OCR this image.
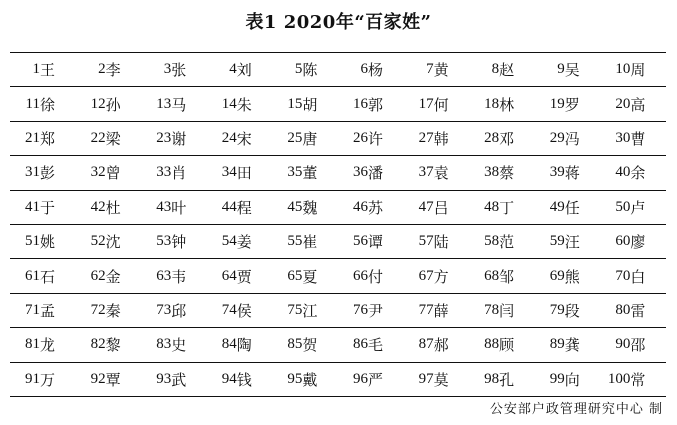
表1 2020年“百家姓”
1	王	2	李	3	张	4	刘	5	陈	6	杨	7	黄	8	赵	9	吴	10	周
11	徐	12	孙	13	马	14	朱	15	胡	16	郭	17	何	18	林	19	罗	20	高
21	郑	22	梁	23	谢	24	宋	25	唐	26	许	27	韩	28	邓	29	冯	30	曹
31	彭	32	曾	33	肖	34	田	35	董	36	潘	37	袁	38	蔡	39	蒋	40	余
41	于	42	杜	43	叶	44	程	45	魏	46	苏	47	吕	48	丁	49	任	50	卢
51	姚	52	沈	53	钟	54	姜	55	崔	56	谭	57	陆	58	范	59	汪	60	廖
61	石	62	金	63	韦	64	贾	65	夏	66	付	67	方	68	邹	69	熊	70	白
71	孟	72	秦	73	邱	74	侯	75	江	76	尹	77	薛	78	闫	79	段	80	雷
81	龙	82	黎	83	史	84	陶	85	贺	86	毛	87	郝	88	顾	89	龚	90	邵
91	万	92	覃	93	武	94	钱	95	戴	96	严	97	莫	98	孔	99	向	100	常
公安部户政管理研究中心 制
